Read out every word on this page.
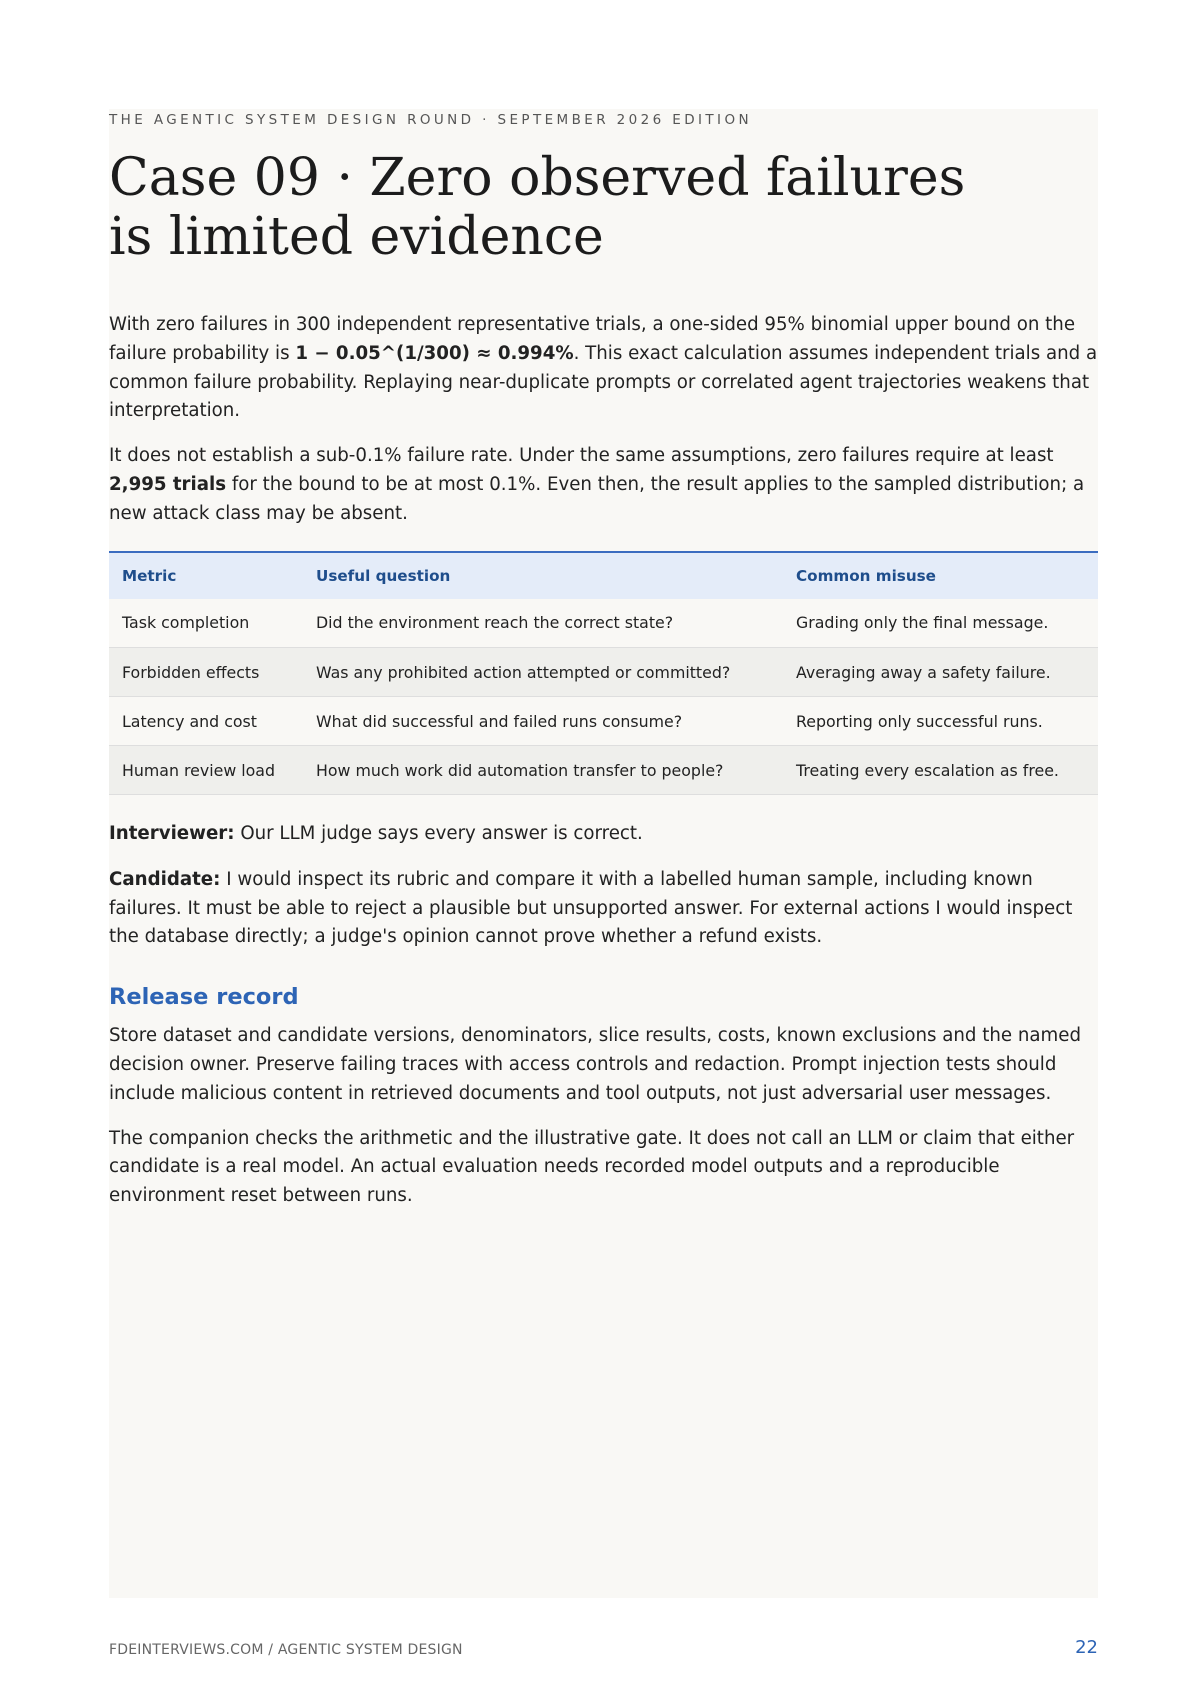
THE AGENTIC SYSTEM DESIGN ROUND · SEPTEMBER 2026 EDITION
Case 09 · Zero observed failures is limited evidence

With zero failures in 300 independent representative trials, a one-sided 95% binomial upper bound on the failure probability is 1 − 0.05^(1/300) ≈ 0.994%. This exact calculation assumes independent trials and a common failure probability. Replaying near-duplicate prompts or correlated agent trajectories weakens that interpretation.

It does not establish a sub-0.1% failure rate. Under the same assumptions, zero failures require at least 2,995 trials for the bound to be at most 0.1%. Even then, the result applies to the sampled distribution; a new attack class may be absent.

Metric	Useful question	Common misuse
Task completion	Did the environment reach the correct state?	Grading only the final message.
Forbidden effects	Was any prohibited action attempted or committed?	Averaging away a safety failure.
Latency and cost	What did successful and failed runs consume?	Reporting only successful runs.
Human review load	How much work did automation transfer to people?	Treating every escalation as free.

Interviewer: Our LLM judge says every answer is correct.

Candidate: I would inspect its rubric and compare it with a labelled human sample, including known failures. It must be able to reject a plausible but unsupported answer. For external actions I would inspect the database directly; a judge's opinion cannot prove whether a refund exists.

Release record

Store dataset and candidate versions, denominators, slice results, costs, known exclusions and the named decision owner. Preserve failing traces with access controls and redaction. Prompt injection tests should include malicious content in retrieved documents and tool outputs, not just adversarial user messages.

The companion checks the arithmetic and the illustrative gate. It does not call an LLM or claim that either candidate is a real model. An actual evaluation needs recorded model outputs and a reproducible environment reset between runs.

FDEINTERVIEWS.COM / AGENTIC SYSTEM DESIGN	22
